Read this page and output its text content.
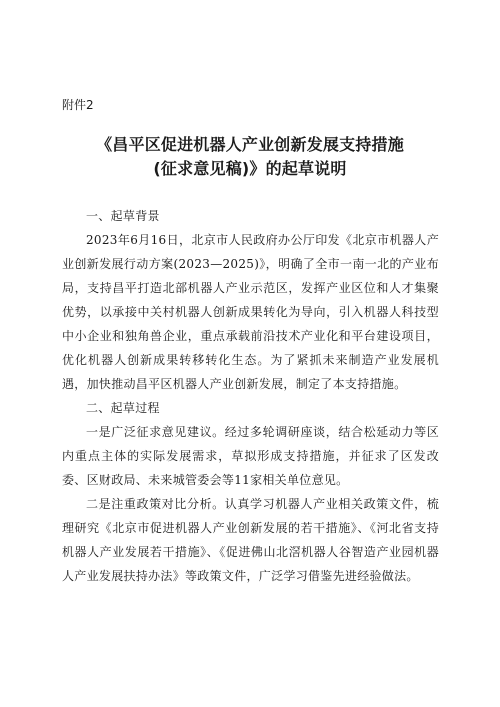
附件2
《昌平区促进机器人产业创新发展支持措施
(征求意见稿)》的起草说明
一、起草背景

2023年6月16日，北京市人民政府办公厅印发《北京市机器人产业创新发展行动方案(2023—2025)》，明确了全市一南一北的产业布局，支持昌平打造北部机器人产业示范区，发挥产业区位和人才集聚优势，以承接中关村机器人创新成果转化为导向，引入机器人科技型中小企业和独角兽企业，重点承载前沿技术产业化和平台建设项目，优化机器人创新成果转移转化生态。为了紧抓未来制造产业发展机遇，加快推动昌平区机器人产业创新发展，制定了本支持措施。

二、起草过程

一是广泛征求意见建议。经过多轮调研座谈，结合松延动力等区内重点主体的实际发展需求，草拟形成支持措施，并征求了区发改委、区财政局、未来城管委会等11家相关单位意见。

二是注重政策对比分析。认真学习机器人产业相关政策文件，梳理研究《北京市促进机器人产业创新发展的若干措施》、《河北省支持机器人产业发展若干措施》、《促进佛山北滘机器人谷智造产业园机器人产业发展扶持办法》等政策文件，广泛学习借鉴先进经验做法。
